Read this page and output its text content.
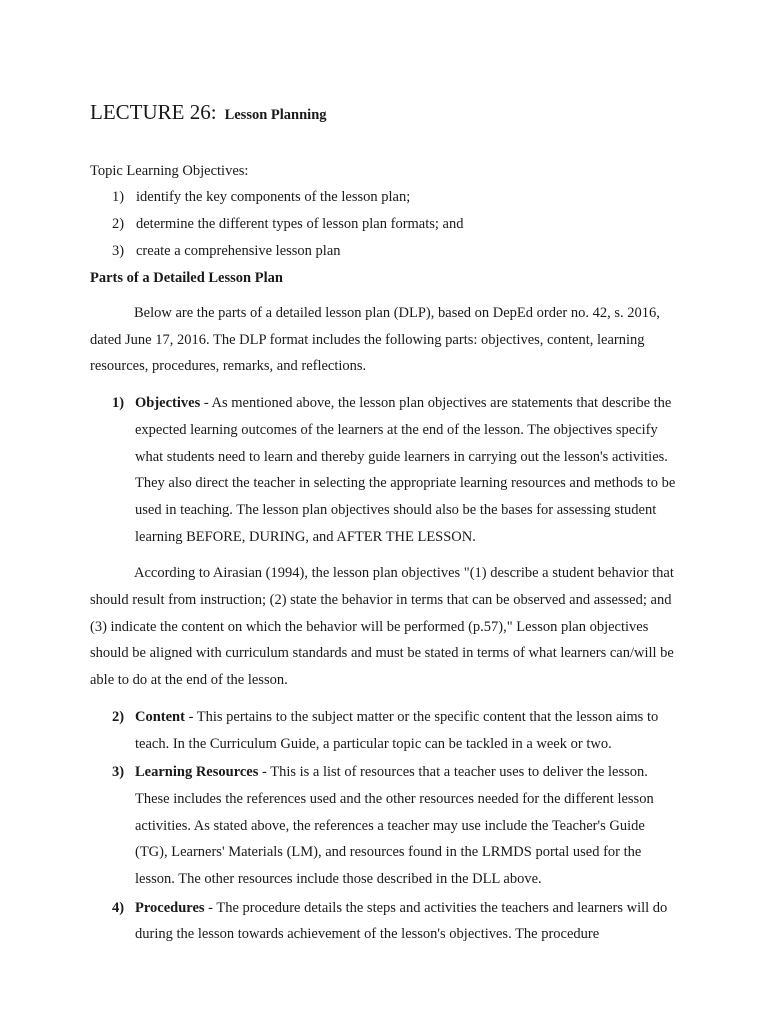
LECTURE 26: Lesson Planning

Topic Learning Objectives:

1) identify the key components of the lesson plan;
2) determine the different types of lesson plan formats; and
3) create a comprehensive lesson plan

Parts of a Detailed Lesson Plan

Below are the parts of a detailed lesson plan (DLP), based on DepEd order no. 42, s. 2016, dated June 17, 2016. The DLP format includes the following parts: objectives, content, learning resources, procedures, remarks, and reflections.

1) Objectives - As mentioned above, the lesson plan objectives are statements that describe the expected learning outcomes of the learners at the end of the lesson. The objectives specify what students need to learn and thereby guide learners in carrying out the lesson's activities. They also direct the teacher in selecting the appropriate learning resources and methods to be used in teaching. The lesson plan objectives should also be the bases for assessing student learning BEFORE, DURING, and AFTER THE LESSON.

According to Airasian (1994), the lesson plan objectives "(1) describe a student behavior that should result from instruction; (2) state the behavior in terms that can be observed and assessed; and (3) indicate the content on which the behavior will be performed (p.57)," Lesson plan objectives should be aligned with curriculum standards and must be stated in terms of what learners can/will be able to do at the end of the lesson.

2) Content - This pertains to the subject matter or the specific content that the lesson aims to teach. In the Curriculum Guide, a particular topic can be tackled in a week or two.
3) Learning Resources - This is a list of resources that a teacher uses to deliver the lesson. These includes the references used and the other resources needed for the different lesson activities. As stated above, the references a teacher may use include the Teacher's Guide (TG), Learners' Materials (LM), and resources found in the LRMDS portal used for the lesson. The other resources include those described in the DLL above.
4) Procedures - The procedure details the steps and activities the teachers and learners will do during the lesson towards achievement of the lesson's objectives. The procedure
